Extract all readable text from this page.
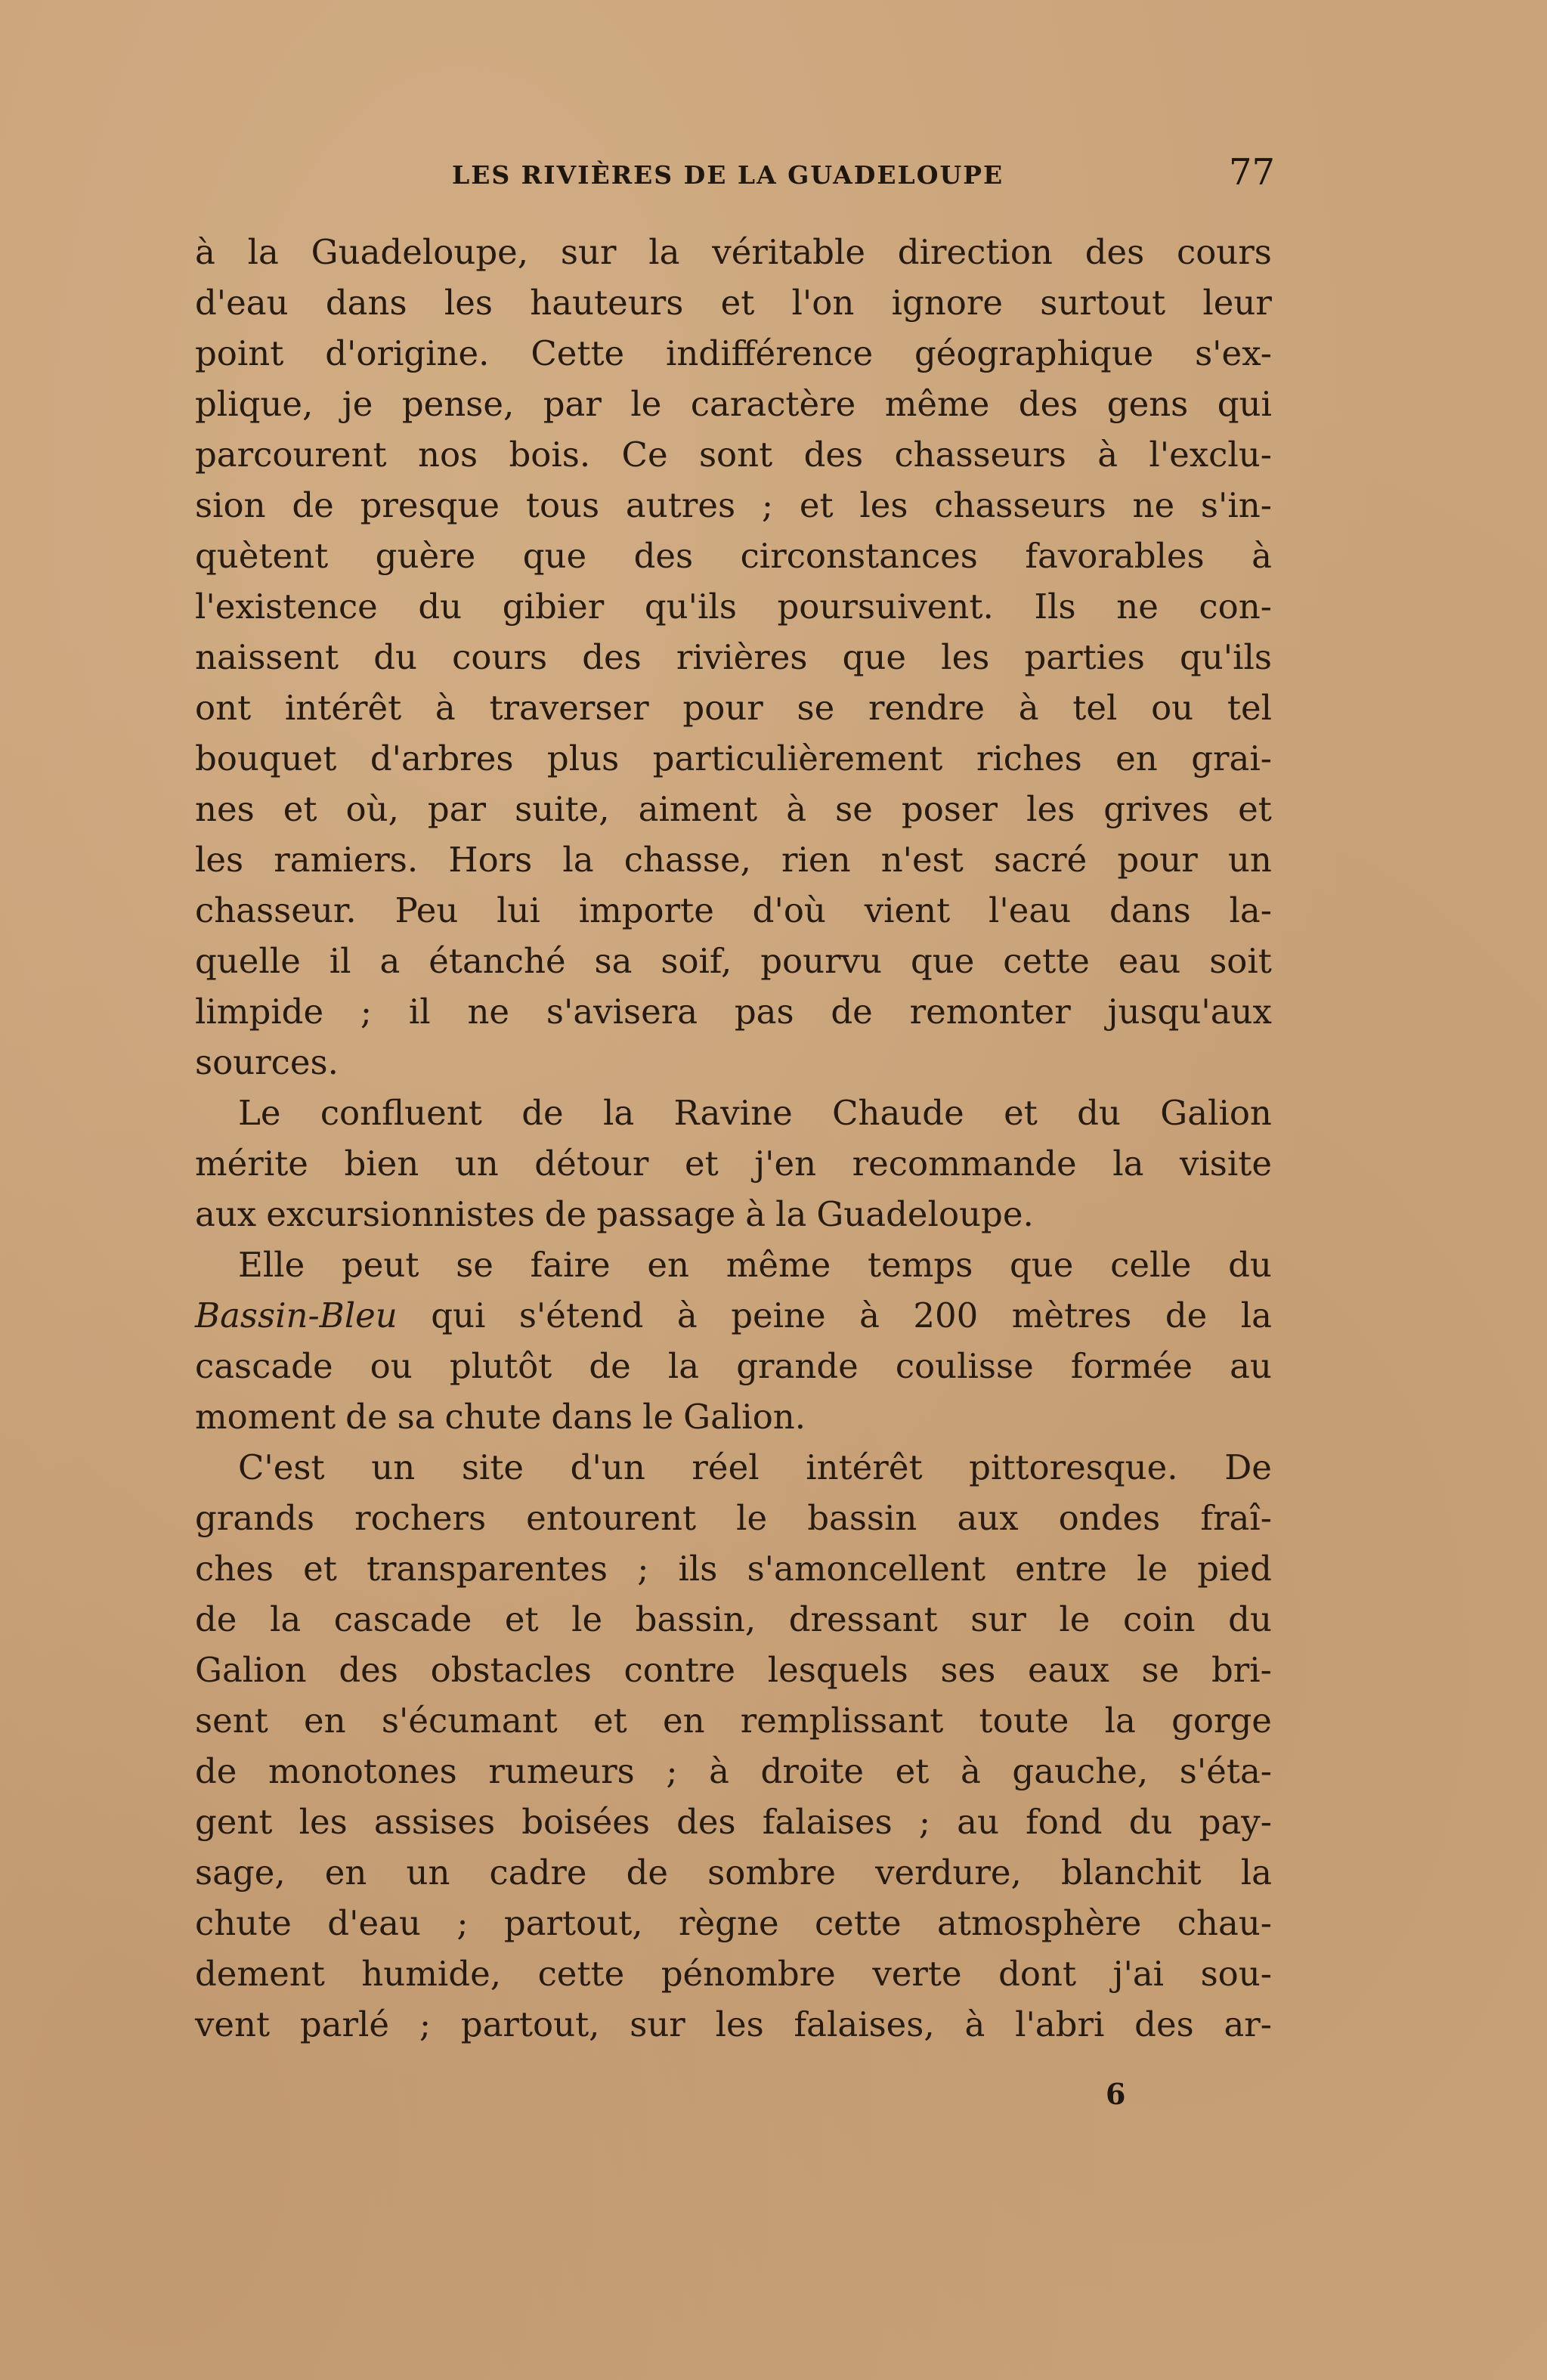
LES RIVIÈRES DE LA GUADELOUPE	77
à la Guadeloupe, sur la véritable direction des cours
d'eau dans les hauteurs et l'on ignore surtout leur
point d'origine. Cette indifférence géographique s'ex-
plique, je pense, par le caractère même des gens qui
parcourent nos bois. Ce sont des chasseurs à l'exclu-
sion de presque tous autres ; et les chasseurs ne s'in-
quètent guère que des circonstances favorables à
l'existence du gibier qu'ils poursuivent. Ils ne con-
naissent du cours des rivières que les parties qu'ils
ont intérêt à traverser pour se rendre à tel ou tel
bouquet d'arbres plus particulièrement riches en grai-
nes et où, par suite, aiment à se poser les grives et
les ramiers. Hors la chasse, rien n'est sacré pour un
chasseur. Peu lui importe d'où vient l'eau dans la-
quelle il a étanché sa soif, pourvu que cette eau soit
limpide ; il ne s'avisera pas de remonter jusqu'aux
sources.
Le confluent de la Ravine Chaude et du Galion
mérite bien un détour et j'en recommande la visite
aux excursionnistes de passage à la Guadeloupe.
Elle peut se faire en même temps que celle du
Bassin-Bleu qui s'étend à peine à 200 mètres de la
cascade ou plutôt de la grande coulisse formée au
moment de sa chute dans le Galion.
C'est un site d'un réel intérêt pittoresque. De
grands rochers entourent le bassin aux ondes fraî-
ches et transparentes ; ils s'amoncellent entre le pied
de la cascade et le bassin, dressant sur le coin du
Galion des obstacles contre lesquels ses eaux se bri-
sent en s'écumant et en remplissant toute la gorge
de monotones rumeurs ; à droite et à gauche, s'éta-
gent les assises boisées des falaises ; au fond du pay-
sage, en un cadre de sombre verdure, blanchit la
chute d'eau ; partout, règne cette atmosphère chau-
dement humide, cette pénombre verte dont j'ai sou-
vent parlé ; partout, sur les falaises, à l'abri des ar-
6
